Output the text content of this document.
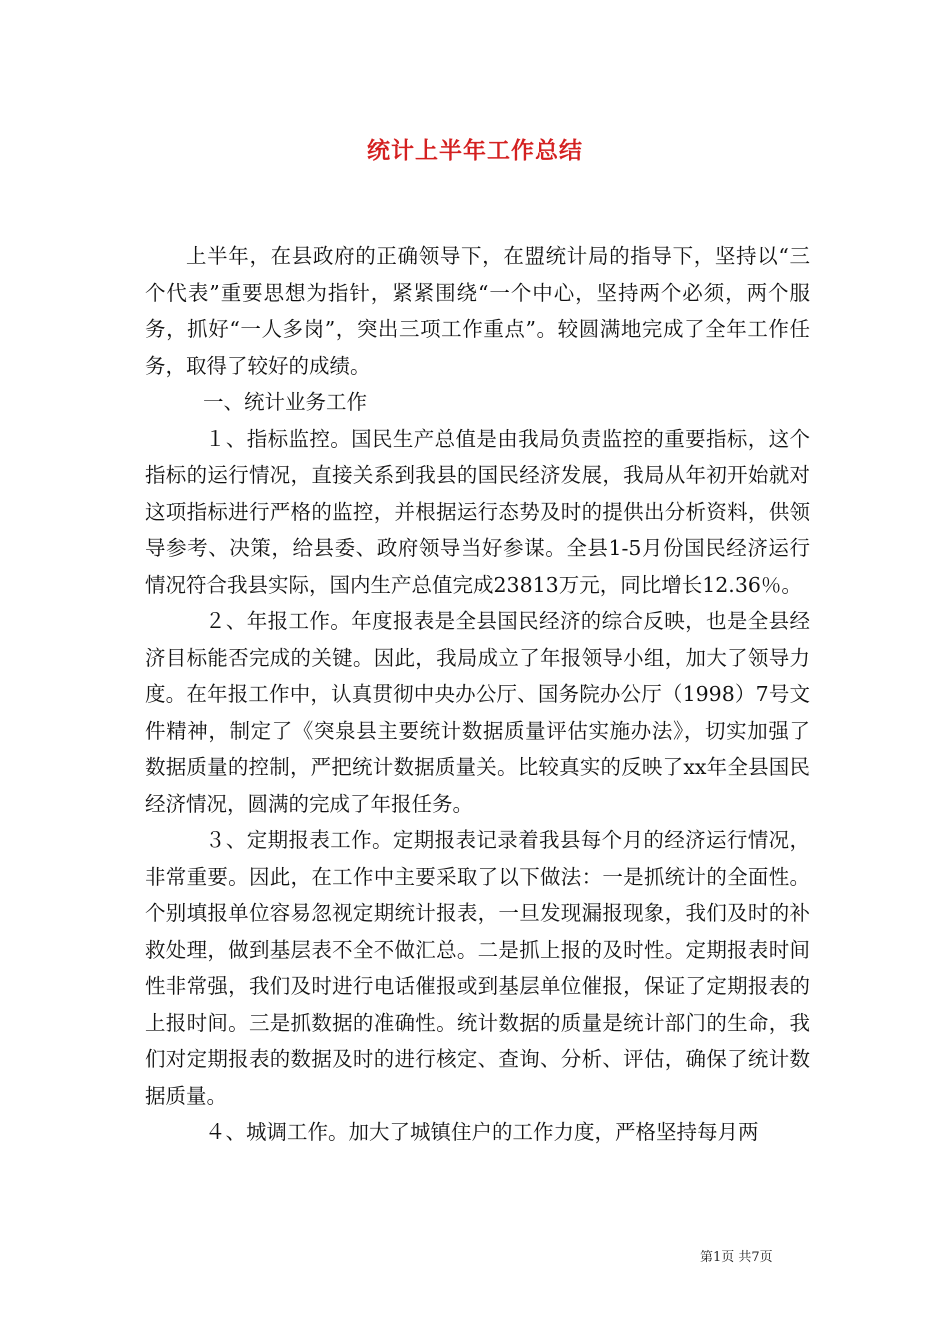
统计上半年工作总结

上半年，在县政府的正确领导下，在盟统计局的指导下，坚持以“三个代表”重要思想为指针，紧紧围绕“一个中心，坚持两个必须，两个服务，抓好“一人多岗”，突出三项工作重点”。较圆满地完成了全年工作任务，取得了较好的成绩。

一、统计业务工作

１、指标监控。国民生产总值是由我局负责监控的重要指标，这个指标的运行情况，直接关系到我县的国民经济发展，我局从年初开始就对这项指标进行严格的监控，并根据运行态势及时的提供出分析资料，供领导参考、决策，给县委、政府领导当好参谋。全县1-5月份国民经济运行情况符合我县实际，国内生产总值完成23813万元，同比增长12.36％。

２、年报工作。年度报表是全县国民经济的综合反映，也是全县经济目标能否完成的关键。因此，我局成立了年报领导小组，加大了领导力度。在年报工作中，认真贯彻中央办公厅、国务院办公厅（1998）7号文件精神，制定了《突泉县主要统计数据质量评估实施办法》，切实加强了数据质量的控制，严把统计数据质量关。比较真实的反映了xx年全县国民经济情况，圆满的完成了年报任务。

３、定期报表工作。定期报表记录着我县每个月的经济运行情况，非常重要。因此，在工作中主要采取了以下做法：一是抓统计的全面性。个别填报单位容易忽视定期统计报表，一旦发现漏报现象，我们及时的补救处理，做到基层表不全不做汇总。二是抓上报的及时性。定期报表时间性非常强，我们及时进行电话催报或到基层单位催报，保证了定期报表的上报时间。三是抓数据的准确性。统计数据的质量是统计部门的生命，我们对定期报表的数据及时的进行核定、查询、分析、评估，确保了统计数据质量。

４、城调工作。加大了城镇住户的工作力度，严格坚持每月两

第1页 共7页
